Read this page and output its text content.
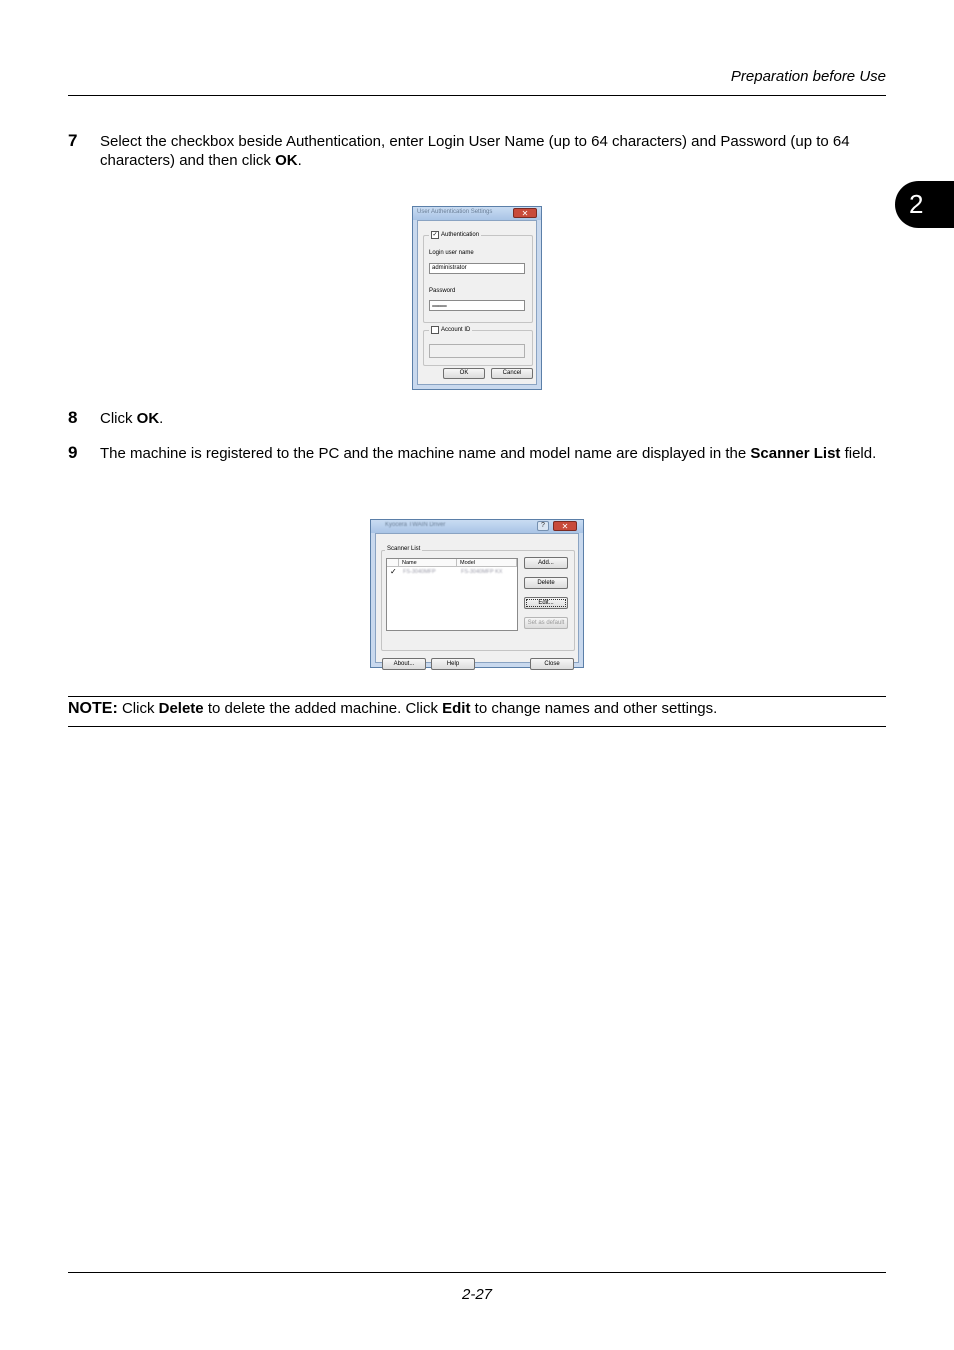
Preparation before Use
2
7 Select the checkbox beside Authentication, enter Login User Name (up to 64 characters) and Password (up to 64 characters) and then click OK.
User Authentication Settings	✕
✓ Authentication
Login user name
administrator
Password
••••••••••••••••
Account ID
OK	Cancel
8 Click OK.
9 The machine is registered to the PC and the machine name and model name are displayed in the Scanner List field.
Kyocera TWAIN Driver	?	✕
Scanner List
Name	Model
✓ FS-3040MFP	FS-3040MFP KX
Add...
Delete
Edit...
Set as default
About...	Help	Close
NOTE: Click Delete to delete the added machine. Click Edit to change names and other settings.
2-27
